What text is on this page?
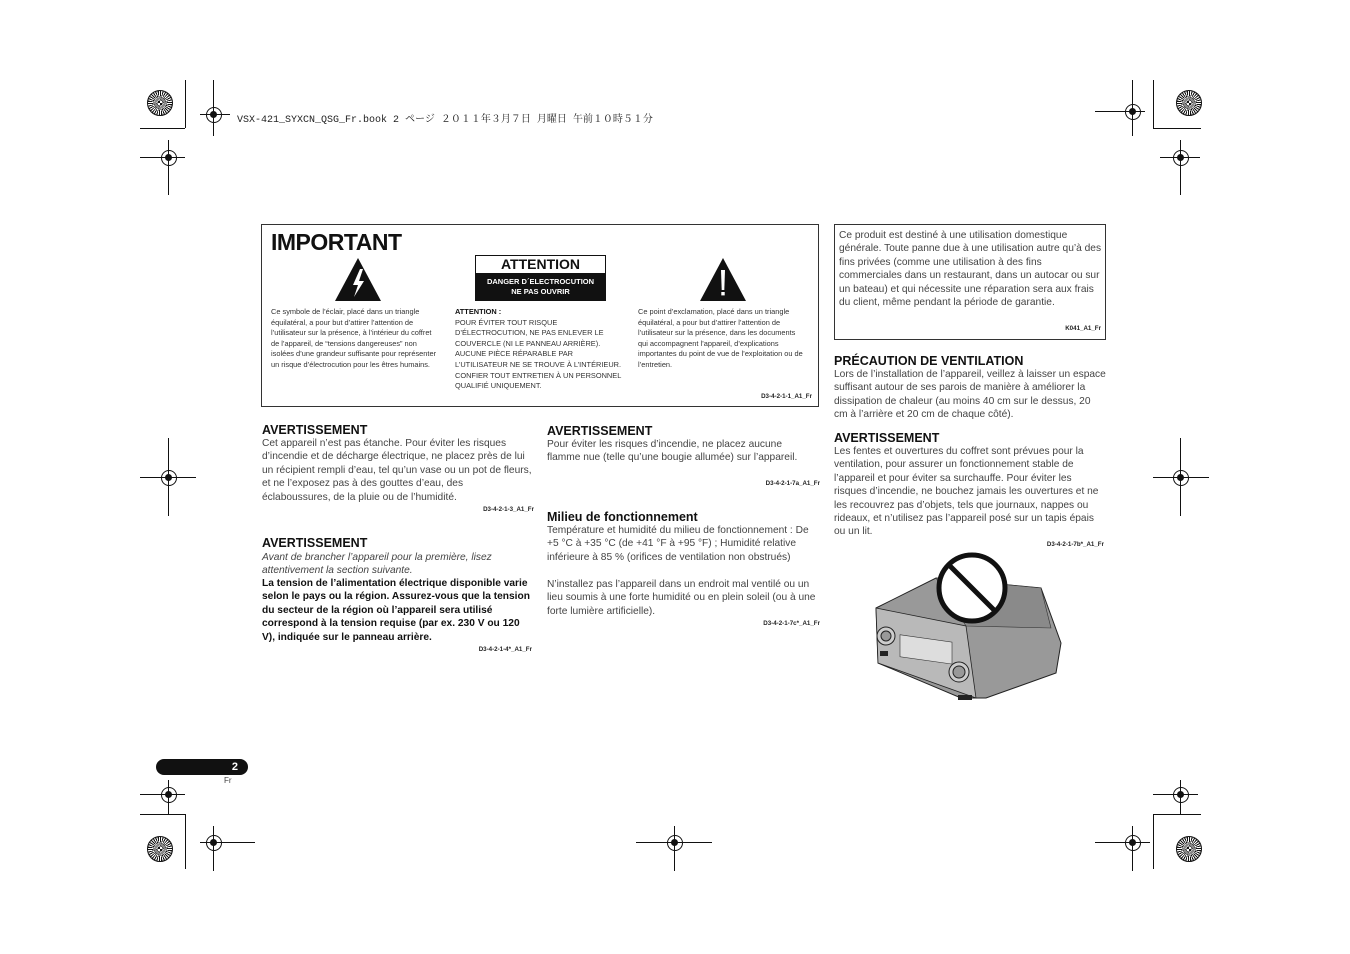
VSX-421_SYXCN_QSG_Fr.book 2 ページ ２０１１年３月７日 月曜日 午前１０時５１分
IMPORTANT
ATTENTION
DANGER D´ELECTROCUTION
NE PAS OUVRIR
Ce symbole de l’éclair, placé dans un triangle équilatéral, a pour but d’attirer l’attention de l’utilisateur sur la présence, à l’intérieur du coffret de l’appareil, de “tensions dangereuses” non isolées d’une grandeur suffisante pour représenter un risque d’électrocution pour les êtres humains.
ATTENTION :
POUR ÉVITER TOUT RISQUE D’ÉLECTROCUTION, NE PAS ENLEVER LE COUVERCLE (NI LE PANNEAU ARRIÈRE). AUCUNE PIÈCE RÉPARABLE PAR L’UTILISATEUR NE SE TROUVE À L’INTÉRIEUR. CONFIER TOUT ENTRETIEN À UN PERSONNEL QUALIFIÉ UNIQUEMENT.
Ce point d’exclamation, placé dans un triangle équilatéral, a pour but d’attirer l’attention de l’utilisateur sur la présence, dans les documents qui accompagnent l’appareil, d’explications importantes du point de vue de l’exploitation ou de l’entretien.
D3-4-2-1-1_A1_Fr
AVERTISSEMENT
Cet appareil n’est pas étanche. Pour éviter les risques d’incendie et de décharge électrique, ne placez près de lui un récipient rempli d’eau, tel qu’un vase ou un pot de fleurs, et ne l’exposez pas à des gouttes d’eau, des éclaboussures, de la pluie ou de l’humidité.
D3-4-2-1-3_A1_Fr
AVERTISSEMENT
Avant de brancher l’appareil pour la première, lisez attentivement la section suivante.
La tension de l’alimentation électrique disponible varie selon le pays ou la région. Assurez-vous que la tension du secteur de la région où l’appareil sera utilisé correspond à la tension requise (par ex. 230 V ou 120 V), indiquée sur le panneau arrière.
D3-4-2-1-4*_A1_Fr
AVERTISSEMENT
Pour éviter les risques d’incendie, ne placez aucune flamme nue (telle qu’une bougie allumée) sur l’appareil.
D3-4-2-1-7a_A1_Fr
Milieu de fonctionnement
Température et humidité du milieu de fonctionnement : De +5 °C à +35 °C (de +41 °F à +95 °F) ; Humidité relative inférieure à 85 % (orifices de ventilation non obstrués)
N’installez pas l’appareil dans un endroit mal ventilé ou un lieu soumis à une forte humidité ou en plein soleil (ou à une forte lumière artificielle).
D3-4-2-1-7c*_A1_Fr
Ce produit est destiné à une utilisation domestique générale. Toute panne due à une utilisation autre qu’à des fins privées (comme une utilisation à des fins commerciales dans un restaurant, dans un autocar ou sur un bateau) et qui nécessite une réparation sera aux frais du client, même pendant la période de garantie.
K041_A1_Fr
PRÉCAUTION DE VENTILATION
Lors de l’installation de l’appareil, veillez à laisser un espace suffisant autour de ses parois de manière à améliorer la dissipation de chaleur (au moins 40 cm sur le dessus, 20 cm à l’arrière et 20 cm de chaque côté).
AVERTISSEMENT
Les fentes et ouvertures du coffret sont prévues pour la ventilation, pour assurer un fonctionnement stable de l’appareil et pour éviter sa surchauffe. Pour éviter les risques d’incendie, ne bouchez jamais les ouvertures et ne les recouvrez pas d’objets, tels que journaux, nappes ou rideaux, et n’utilisez pas l’appareil posé sur un tapis épais ou un lit.
D3-4-2-1-7b*_A1_Fr
2
Fr
